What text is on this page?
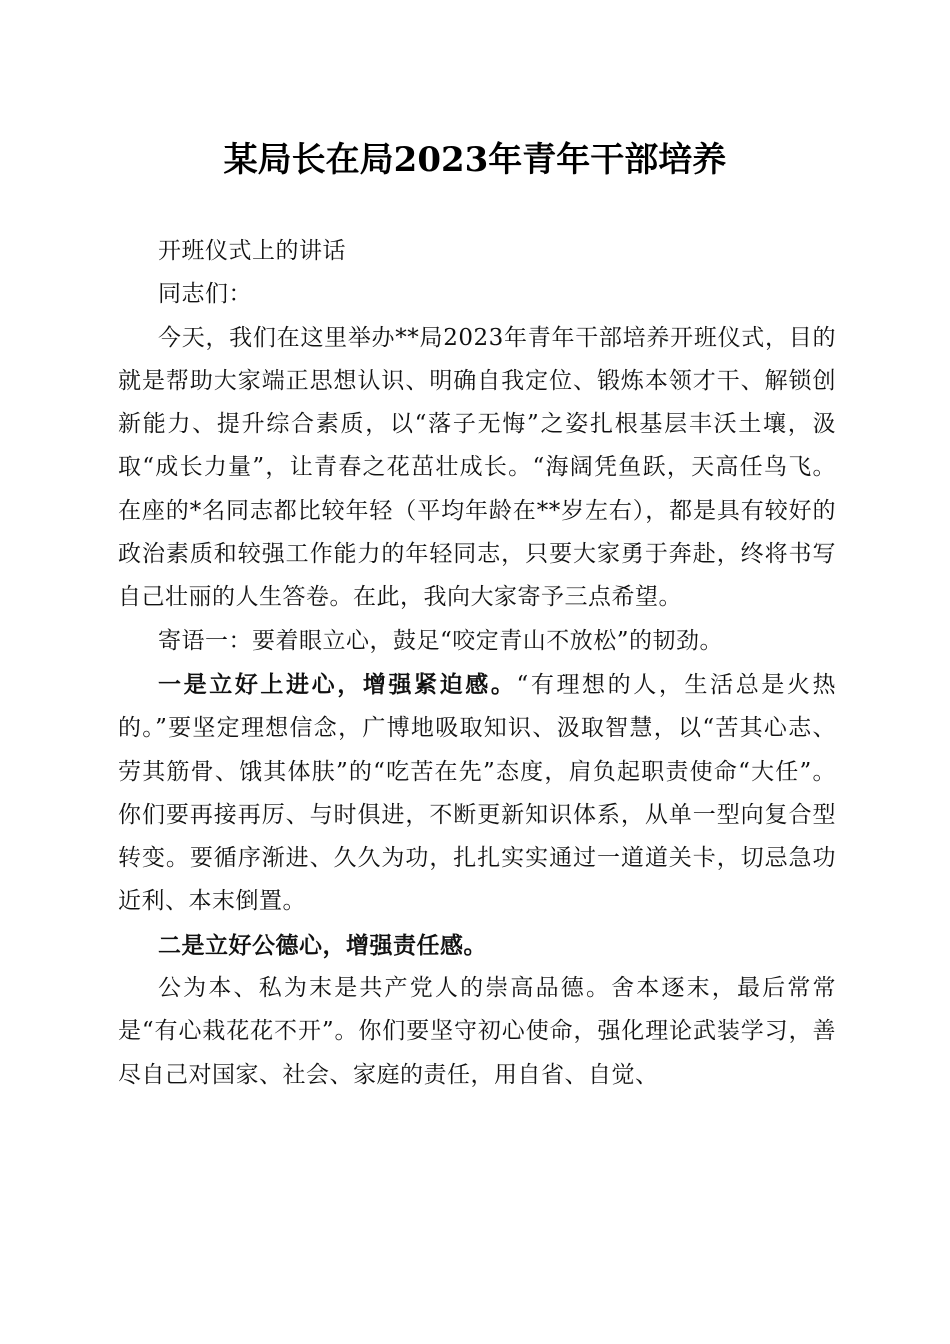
某局长在局2023年青年干部培养

开班仪式上的讲话

同志们：

今天，我们在这里举办**局2023年青年干部培养开班仪式，目的就是帮助大家端正思想认识、明确自我定位、锻炼本领才干、解锁创新能力、提升综合素质，以“落子无悔”之姿扎根基层丰沃土壤，汲取“成长力量”，让青春之花茁壮成长。“海阔凭鱼跃，天高任鸟飞。在座的*名同志都比较年轻（平均年龄在**岁左右），都是具有较好的政治素质和较强工作能力的年轻同志，只要大家勇于奔赴，终将书写自己壮丽的人生答卷。在此，我向大家寄予三点希望。

寄语一：要着眼立心，鼓足“咬定青山不放松”的韧劲。

一是立好上进心，增强紧迫感。“有理想的人，生活总是火热的。”要坚定理想信念，广博地吸取知识、汲取智慧，以“苦其心志、劳其筋骨、饿其体肤”的“吃苦在先”态度，肩负起职责使命“大任”。你们要再接再厉、与时俱进，不断更新知识体系，从单一型向复合型转变。要循序渐进、久久为功，扎扎实实通过一道道关卡，切忌急功近利、本末倒置。

二是立好公德心，增强责任感。

公为本、私为末是共产党人的崇高品德。舍本逐末，最后常常是“有心栽花花不开”。你们要坚守初心使命，强化理论武装学习，善尽自己对国家、社会、家庭的责任，用自省、自觉、
